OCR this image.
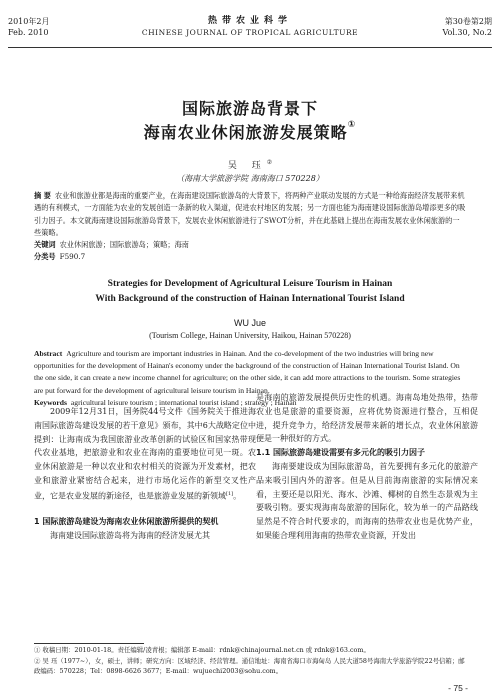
2010年2月
Feb. 2010
热带农业科学
CHINESE JOURNAL OF TROPICAL AGRICULTURE
第30卷第2期
Vol.30, No.2
国际旅游岛背景下
海南农业休闲旅游发展策略①
吴 珏②
（海南大学旅游学院 海南海口 570228）
摘 要 农业和旅游业都是海南的重要产业，在海南建设国际旅游岛的大背景下，将两种产业联动发展的方式是一种给海南经济发展带来机遇的有利模式，一方面能为农业的发展创造一条新的收入渠道，促进农村地区的发展；另一方面也能为海南建设国际旅游岛增添更多的吸引力因子。本文就海南建设国际旅游岛背景下，发展农业休闲旅游进行了SWOT分析，并在此基础上提出在海南发展农业休闲旅游的一些策略。
关键词 农业休闲旅游；国际旅游岛；策略；海南
分类号 F590.7
Strategies for Development of Agricultural Leisure Tourism in Hainan
With Background of the construction of Hainan International Tourist Island
WU Jue
(Tourism College, Hainan University, Haikou, Hainan 570228)
Abstract Agriculture and tourism are important industries in Hainan. And the co-development of the two industries will bring new opportunities for the development of Hainan's economy under the background of the construction of Hainan International Tourist Island. On the one side, it can create a new income channel for agriculture; on the other side, it can add more attractions to the tourism. Some strategies are put forward for the development of agricultural leisure tourism in Hainan.
Keywords agricultural leisure tourism ; international tourist island ; strategy ; Hainan

2009年12月31日，国务院44号文件《国务院关于推进海南国际旅游岛建设发展的若干意见》颁布，其中6大战略定位中提到：让海南成为我国旅游业改革创新的试验区和国家热带现代农业基地，把旅游业和农业在海南的重要地位可见一斑。农业休闲旅游是一种以农业和农村相关的资源为开发素材，把农业和旅游业紧密结合起来，进行市场化运作的新型交叉性产业，它是农业发展的新途径，也是旅游业发展的新领域[1]。

1 国际旅游岛建设为海南农业休闲旅游所提供的契机

海南建设国际旅游岛将为海南的经济发展尤其

是海南的旅游发展提供历史性的机遇。海南岛地处热带，热带农业也是旅游的重要资源，应将优势资源进行整合，互相促进，提升竞争力，给经济发展带来新的增长点，农业休闲旅游便是一种很好的方式。

1.1 国际旅游岛建设需要有多元化的吸引力因子

海南要建设成为国际旅游岛，首先要拥有多元化的旅游产品来吸引国内外的游客。但是从目前海南旅游的实际情况来看，主要还是以阳光、海水、沙滩、椰树的自然生态景观为主要吸引物。要实现海南岛旅游的国际化，较为单一的产品路线显然是不符合时代要求的，而海南的热带农业也是优势产业，如果能合理利用海南的热带农业资源，开发出

① 收稿日期：2010-01-18。责任编辑/凌青根；编辑部 E-mail：rdnk@chinajournal.net.cn 或 rdnk@163.com。

② 吴 珏（1977~），女，硕士，讲师；研究方向：区域经济、经营管理。通信地址：海南省海口市海甸岛 人民大道58号海南大学旅游学院22号信箱；邮政编码：570228；Tel：0898-6626 3677；E-mail：wujuechi2003@sohu.com。

- 75 -
